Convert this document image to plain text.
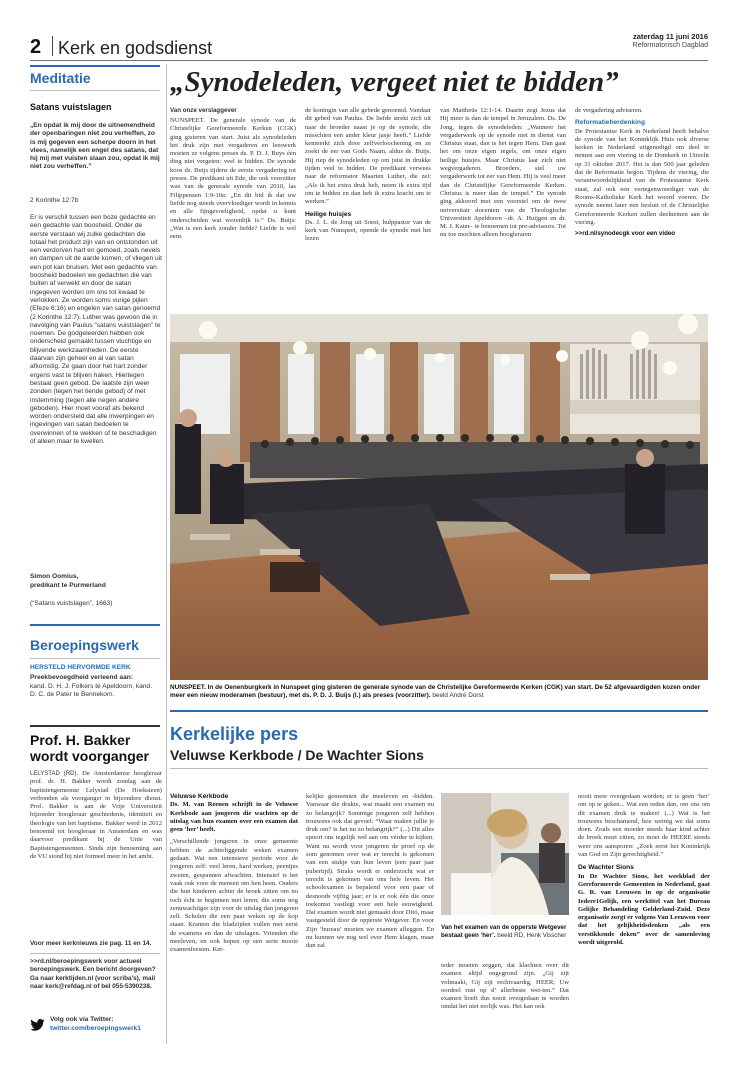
2 Kerk en godsdienst
zaterdag 11 juni 2016
Reformatorisch Dagblad
Meditatie
Satans vuistslagen
„En opdat ik mij door de uitnemendheid der openbaringen niet zou verheffen, zo is mij gegeven een scherpe doorn in het vlees, namelijk een engel des satans, dat hij mij met vuisten slaan zou, opdat ik mij niet zou verheffen.”
2 Korinthe 12:7b
Er is verschil tussen een boze gedachte en een gedachte van boosheid. Onder de eerste verstaan wij zulke gedachten die totaal het product zijn van en ontstonden uit een verdorven hart en gemoed, zoals nevels en dampen uit de aarde komen, of vliegen uit een pot kan bruisen. Met een gedachte van boosheid bedoelen we gedachten die van buiten af verwekt en door de satan ingegeven worden om ons tot kwaad te verlokken. Ze worden soms vurige pijlen (Efeze 6:16) en engelen van satan genoemd (2 Korinthe 12:7). Luther was gewoon die in navolging van Paulus “satans vuistslagen” te noemen. De godgeleerden hebben ook onderscheid gemaakt tussen vluchtige en blijvende werkzaamheden. De eerste daarvan zijn geheel en al van satan afkomstig. Ze gaan door het hart zonder ergens vast te blijven haken. Hiertegen bestaat geen gebod. De laatste zijn weer zonden (tegen het tiende gebod) óf met instemming (tegen alle negen andere geboden). Hier moet vooraf als bekend worden ondersteld dat alle inwerpingen en ingevingen van satan bedoelen te overwinnen of te wekken of te beschadigen of alleen maar te kwellen.
Simon Oomius,
predikant te Purmerland
(“Satans vuistslagen”, 1663)
Beroepingswerk
HERSTELD HERVORMDE KERK
Preekbevoegdheid verleend aan:
kand. D. H. J. Folkers te Apeldoorn, kand. D. C. de Pater te Bennekom.
Prof. H. Bakker wordt voorganger

LELYSTAD (RD). De Amsterdamse hoogleraar prof. dr. H. Bakker wordt zondag aan de baptistengemeente Lelystad (De Hoeksteen) verbonden als voorganger in bijzondere dienst. Prof. Bakker is aan de Vrije Universiteit bijzonder hoogleraar geschiedenis, identiteit en theologie van het baptisme. Bakker werd in 2012 benoemd tot hoogleraar in Amsterdam en was daarvoor predikant bij de Unie van Baptistengemeenten. Sinds zijn benoeming aan de VU stond hij niet formeel meer in het ambt.

Voor meer kerknieuws zie pag. 11 en 14.
>>rd.nl/beroepingswerk voor actueel beroepingswerk. Een bericht doorgeven? Ga naar kerktijden.nl (voor scriba’s), mail naar kerk@refdag.nl of bel 055-5390238.
Volg ook via Twitter:
twitter.com/beroepingswerk1
„Synodeleden, vergeet niet te bidden”
Van onze verslaggever

NUNSPEET. De generale synode van de Christelijke Gereformeerde Kerken (CGK) ging gisteren van start. Juist als synodeleden het druk zijn met vergaderen en leeswerk moeten ze volgens preses ds. P. D. J. Buys één ding niet vergeten: veel te bidden. De synode koos ds. Buijs tijdens de eerste vergadering tot preses. De predikant uit Ede, die ook voorzitter was van de generale synode van 2010, las Filippenzen 1:9-10a: „En dit bid ik dat uw liefde nog steeds overvloediger wordt in kennis en alle fijngevoeligheid, opdat u kunt onderscheiden wat wezenlijk is.” Ds. Buijs: „Wat is een kerk zonder liefde? Liefde is wel eens

de koningin van alle gebede genoemd. Vandaar dit gebed van Paulus. De liefde strekt zich uit naar de broeder naast je op de synode, die misschien een ander kleur jasje heeft.” Liefde kenmerkt zich door zelfverloochening en ze zoekt de eer van Gods Naam, aldus ds. Buijs. Hij riep de synodeleden op om juist in drukke tijden veel te bidden. De predikant verwees naar de reformator Maarten Luther, die zei: „Als ik het extra druk heb, neem ik extra tijd om te bidden en dan heb ik extra kracht om te werken.”

Heilige huisjes

Ds. J. L. de Jong uit Soest, hulppastor van de kerk van Nunspeet, opende de synode met het lezen

van Mattheüs 12:1-14. Daarin zegt Jezus dat Hij meer is dan de tempel in Jeruzalem. Ds. De Jong, tegen de synodeleden: „Wanneer het vergaderwerk op de synode niet in dienst van Christus staat, dan is het tegen Hem. Dan gaat het om onze eigen regels, om onze eigen heilige huisjes. Maar Christus laat zich niet wegvergaderen. Broeders, stel uw vergaderwerk tot eer van Hem. Hij is veel meer dan de Christelijke Gereformeerde Kerken. Christus is meer dan de tempel.” De synode ging akkoord met een voorstel om de twee universitair docenten van de Theologische Universiteit Apeldoorn –dr. A. Huijgen en dr. M. J. Kater– te benoemen tot pre-adviseurs. Tot nu toe mochten alleen hoogleraren

de vergadering adviseren.

Reformatieherdenking

De Protestantse Kerk in Nederland heeft behalve de synode van het Koninklijk Huis ook diverse kerken in Nederland uitgenodigd om deel te nemen aan een viering in de Domkerk in Utrecht op 31 oktober 2017. Het is dan 500 jaar geleden dat de Reformatie begon. Tijdens de viering, die verantwoordelijkheid van de Protestantse Kerk staat, zal ook een vertegenwoordiger van de Rooms-Katholieke Kerk het woord voeren. De synode neemt later een besluit of de Christelijke Gereformeerde Kerken zullen deelnemen aan de viering.

>>rd.nl/synodecgk voor een video

NUNSPEET. In de Oenenburgkerk in Nunspeet ging gisteren de generale synode van de Christelijke Gereformeerde Kerken (CGK) van start. De 52 afgevaardigden kozen onder meer een nieuw moderamen (bestuur), met ds. P. D. J. Buijs (l.) als preses (voorzitter). beeld André Dorst
Kerkelijke pers
Veluwse Kerkbode / De Wachter Sions

Veluwse Kerkbode

Ds. M. van Reenen schrijft in de Veluwse Kerkbode aan jongeren die wachten op de uitslag van hun examen over een examen dat geen ‘her’ heeft.

„Verschillende jongeren in onze gemeente hebben de achterliggende weken examen gedaan. Wat een intensieve periode voor de jongeren zelf: veel leren, hard werken, peentjes zweten, gespannen afwachten. Intensief is het vaak ook voor de mensen om hen heen. Ouders die hun kinderen achter de broek zitten om nu toch écht te beginnen met leren; die soms nog zenuwachtiger zijn voor de uitslag dan jongeren zelf. Scholen die een paar weken op de kop staan. Kranten die bladzijden vullen met eerst de examens en dan de uitslagen. Vrienden die meeleven, en ook hopen op een serie mooie examenfeesten. Ker-

kelijke gemeenten die meeleven en -bidden. Vanwaar die drukte, wat maakt een examen nu zo belangrijk? Sommige jongeren zelf hebben trouwens ook dat gevoel: “Waar maken jullie je druk om? is het nu zo belangrijk?” (...) Dit alles spoort ons tegelijk wel aan om vérder te kijken. Want nu wordt voor jongeren de proef op de som genomen over wat er terecht is gekomen van een stukje van hun leven (een paar jaar pubertijd). Straks wordt er onderzocht wat er terecht is gekomen van ons hele leven. Het schoolexamen is bepalend voor een paar of desnoods vijftig jaar; er is er ook één die onze toekomst vastlegt voor een hele eeuwigheid. Dat examen wordt niet gemaakt door Ditó, maar vastgesteld door de opperste Wetgever. En voor Zijn ‘bureau’ moeten we examen afleggen. En nu kunnen we nog wel over Hem klagen, maar dan zal

Van het examen van de opperste Wetgever bestaat geen ‘her’. beeld RD, Henk Visscher

ieder moeten zeggen, dat klachten over dit examen altijd ongegrond zijn. „Gij zijt volmaakt, Gij zijt rechtvaardig, HEER; Uw oordeel rust op d’ allerbeste wet-ten.” Dat examen hoeft dus nooit overgedaan te worden omdat het niet eerlijk was. Het kan ook

nooit meer overgedaan worden; er is geen ‘her’ om op te geken... Wat een reden dan, om ons om dit examen druk te maken! (...) Wat is het trouwens beschamend, hoe weinig we dat soms doen. Zoals een moeder steeds haar kind achter de broek moet zitten, zo moet de HEERE steeds weer ons aansporen: „Zoek eerst het Koninkrijk van God en Zijn gerechtigheid.”

De Wachter Sions

In De Wachter Sions, het weekblad der Gereformeerde Gemeenten in Nederland, gaat G. R. van Leeuwen in op de organisatie Iedere1Gelijk, een werktitel van het Bureau Gelijke Behandeling Gelderland-Zuid. Deze organisatie zorgt er volgens Van Leeuwen voor dat het gelijkheidsdenken „als een verstikkende deken” over de samenleving wordt uitgerold.
